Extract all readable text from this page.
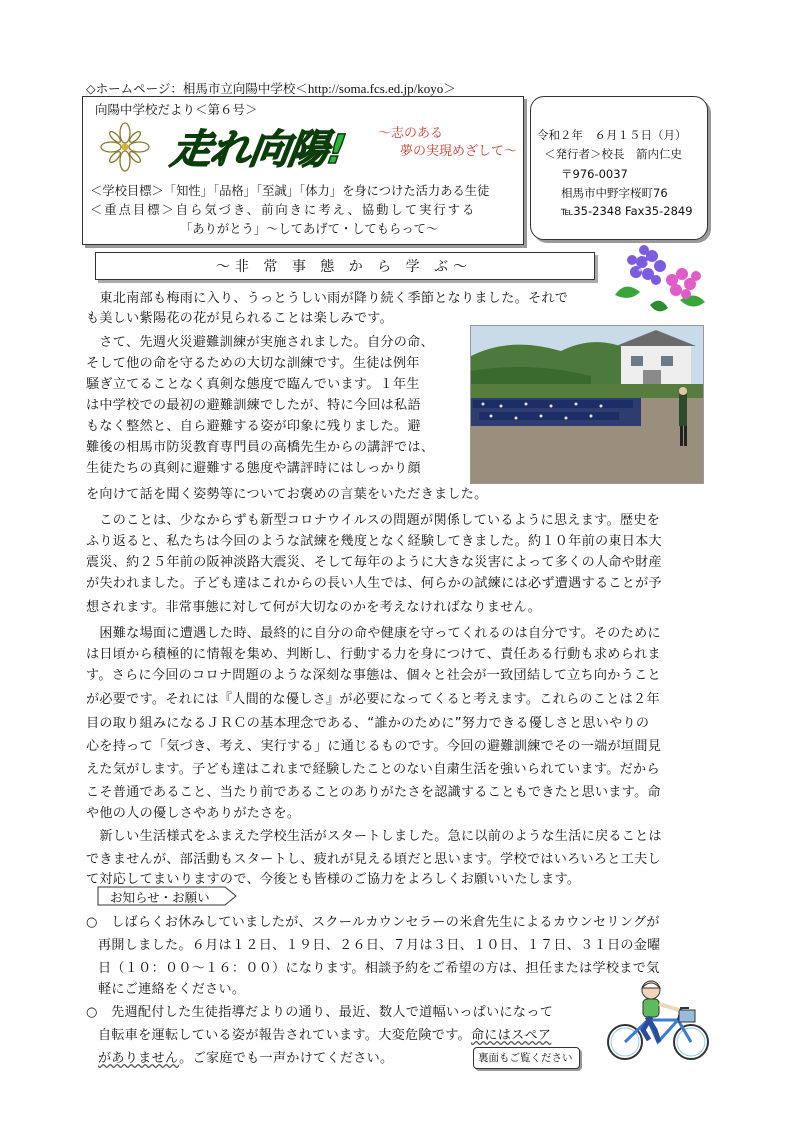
◇ホームページ：相馬市立向陽中学校＜http://soma.fcs.ed.jp/koyo＞
向陽中学校だより＜第６号＞
走れ向陽! ～志のある
夢の実現めざして～
＜学校目標＞「知性」「品格」「至誠」「体力」を身につけた活力ある生徒
＜重点目標＞自ら気づき、前向きに考え、協動して実行する
「ありがとう」～してあげて・してもらって～
令和２年　６月１５日（月）
＜発行者＞校長　箭内仁史
〒976-0037
相馬市中野字桜町76
℡35-2348 Fax35-2849
～非 常 事 態 か ら 学 ぶ～
　東北南部も梅雨に入り、うっとうしい雨が降り続く季節となりました。それで
も美しい紫陽花の花が見られることは楽しみです。
　さて、先週火災避難訓練が実施されました。自分の命、
そして他の命を守るための大切な訓練です。生徒は例年
騒ぎ立てることなく真剣な態度で臨んでいます。１年生
は中学校での最初の避難訓練でしたが、特に今回は私語
もなく整然と、自ら避難する姿が印象に残りました。避
難後の相馬市防災教育専門員の高橋先生からの講評では、
生徒たちの真剣に避難する態度や講評時にはしっかり顔
を向けて話を聞く姿勢等についてお褒めの言葉をいただきました。
　このことは、少なからずも新型コロナウイルスの問題が関係しているように思えます。歴史を
ふり返ると、私たちは今回のような試練を幾度となく経験してきました。約１０年前の東日本大
震災、約２５年前の阪神淡路大震災、そして毎年のように大きな災害によって多くの人命や財産
が失われました。子ども達はこれからの長い人生では、何らかの試練には必ず遭遇することが予
想されます。非常事態に対して何が大切なのかを考えなければなりません。
　困難な場面に遭遇した時、最終的に自分の命や健康を守ってくれるのは自分です。そのために
は日頃から積極的に情報を集め、判断し、行動する力を身につけて、責任ある行動も求められま
す。さらに今回のコロナ問題のような深刻な事態は、個々と社会が一致団結して立ち向かうこと
が必要です。それには『人間的な優しさ』が必要になってくると考えます。これらのことは２年
目の取り組みになるＪＲＣの基本理念である、“誰かのために”努力できる優しさと思いやりの
心を持って「気づき、考え、実行する」に通じるものです。今回の避難訓練でその一端が垣間見
えた気がします。子ども達はこれまで経験したことのない自粛生活を強いられています。だから
こそ普通であること、当たり前であることのありがたさを認識することもできたと思います。命
や他の人の優しさやありがたさを。
　新しい生活様式をふまえた学校生活がスタートしました。急に以前のような生活に戻ることは
できませんが、部活動もスタートし、疲れが見える頃だと思います。学校ではいろいろと工夫し
て対応してまいりますので、今後とも皆様のご協力をよろしくお願いいたします。
お知らせ・お願い
○　しばらくお休みしていましたが、スクールカウンセラーの米倉先生によるカウンセリングが
再開しました。６月は１２日、１９日、２６日、７月は３日、１０日、１７日、３１日の金曜
日（１０：００～１６：００）になります。相談予約をご希望の方は、担任または学校まで気
軽にご連絡をください。
○　先週配付した生徒指導だよりの通り、最近、数人で道幅いっぱいになって
自転車を運転している姿が報告されています。大変危険です。命にはスペア
がありません。ご家庭でも一声かけてください。	裏面もご覧ください
